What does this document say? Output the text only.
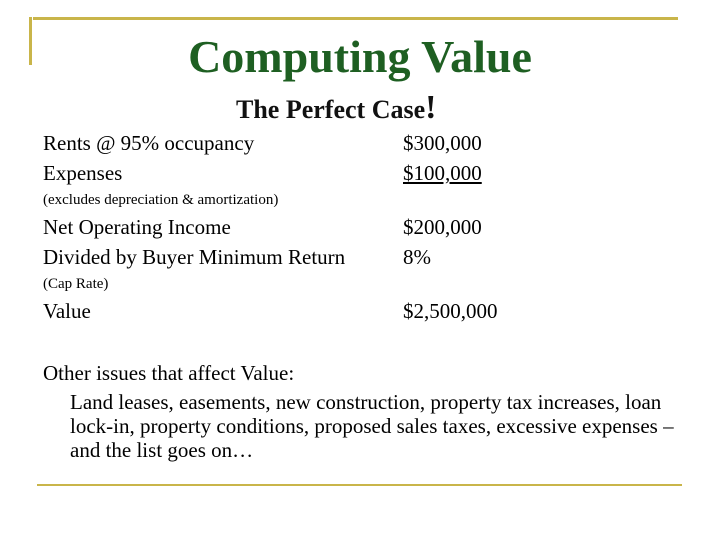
Computing Value
The Perfect Case!
Rents @ 95% occupancy	$300,000
Expenses	$100,000
(excludes depreciation & amortization)
Net Operating Income	$200,000
Divided by Buyer Minimum Return	8%
(Cap Rate)
Value	$2,500,000
Other issues that affect Value:
Land leases, easements, new construction, property tax increases, loan lock-in, property conditions, proposed sales taxes, excessive expenses – and the list goes on…
